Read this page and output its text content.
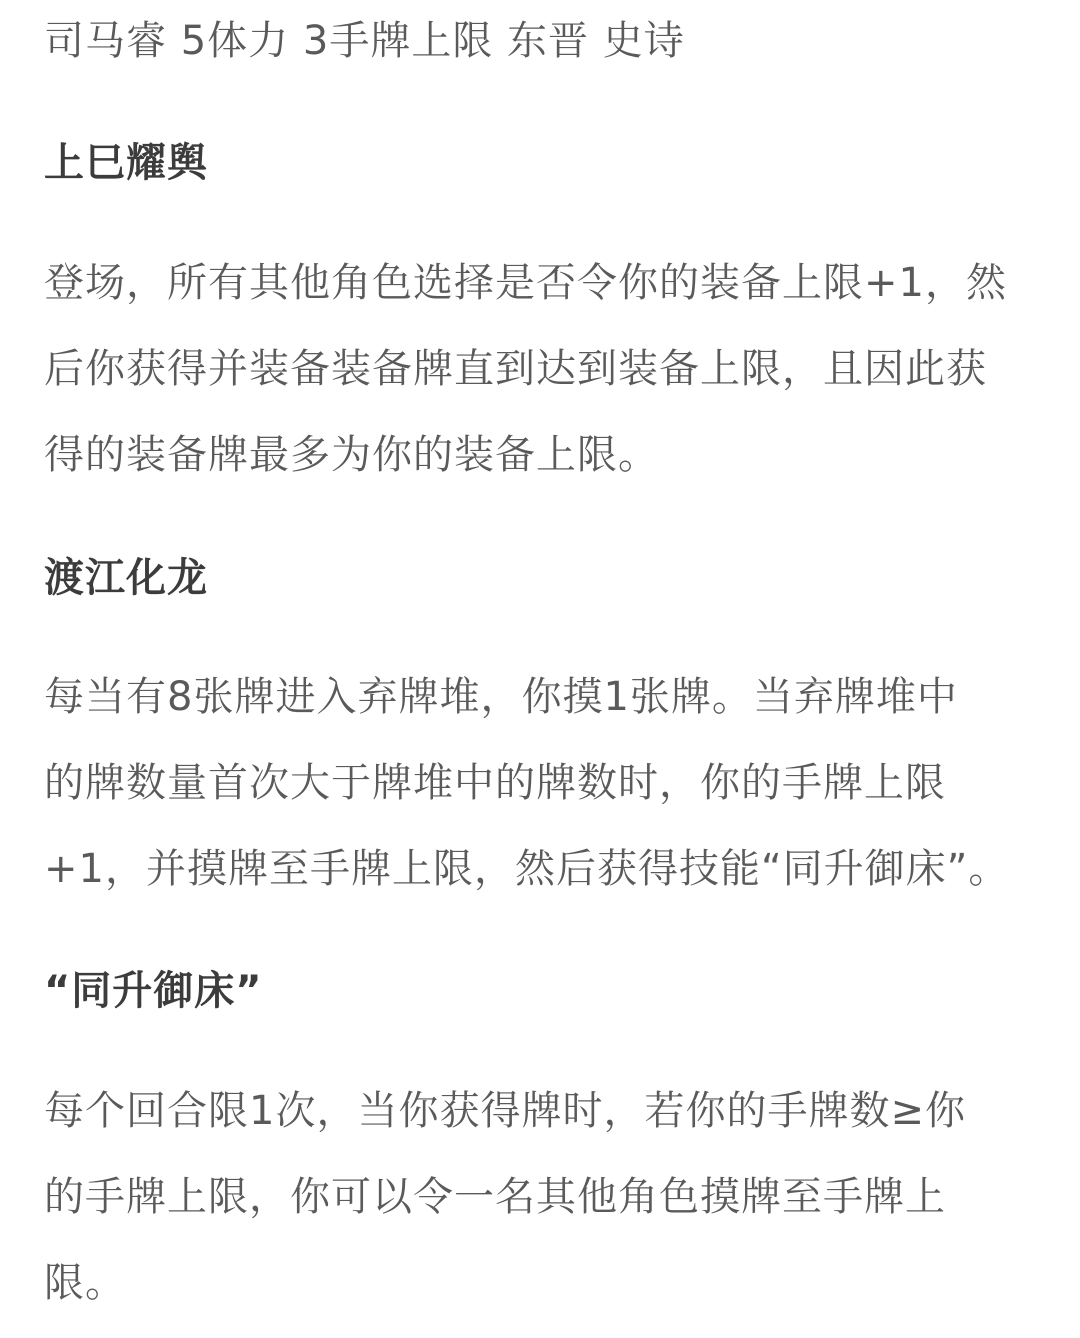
司马睿 5体力 3手牌上限 东晋 史诗
上巳耀舆
登场，所有其他角色选择是否令你的装备上限+1，然
后你获得并装备装备牌直到达到装备上限，且因此获
得的装备牌最多为你的装备上限。
渡江化龙
每当有8张牌进入弃牌堆，你摸1张牌。当弃牌堆中
的牌数量首次大于牌堆中的牌数时，你的手牌上限
+1，并摸牌至手牌上限，然后获得技能“同升御床”。
“同升御床”
每个回合限1次，当你获得牌时，若你的手牌数≥你
的手牌上限，你可以令一名其他角色摸牌至手牌上
限。
